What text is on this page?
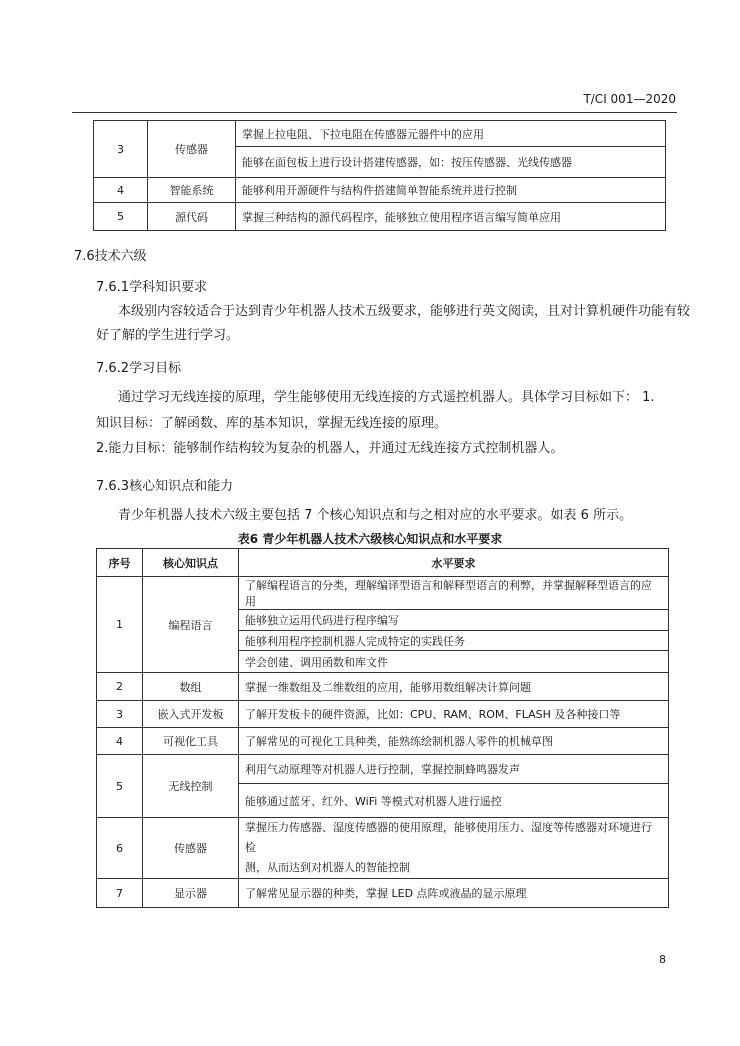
T/CI 001—2020
3	传感器	掌握上拉电阻、下拉电阻在传感器元器件中的应用
		能够在面包板上进行设计搭建传感器，如：按压传感器、光线传感器
4	智能系统	能够利用开源硬件与结构件搭建简单智能系统并进行控制
5	源代码	掌握三种结构的源代码程序，能够独立使用程序语言编写简单应用
7.6技术六级
7.6.1学科知识要求
本级别内容较适合于达到青少年机器人技术五级要求，能够进行英文阅读，且对计算机硬件功能有较
好了解的学生进行学习。
7.6.2学习目标
通过学习无线连接的原理，学生能够使用无线连接的方式遥控机器人。具体学习目标如下： 1.
知识目标：了解函数、库的基本知识，掌握无线连接的原理。
2.能力目标：能够制作结构较为复杂的机器人，并通过无线连接方式控制机器人。
7.6.3核心知识点和能力
青少年机器人技术六级主要包括 7 个核心知识点和与之相对应的水平要求。如表 6 所示。
表6 青少年机器人技术六级核心知识点和水平要求
序号	核心知识点	水平要求
1	编程语言	了解编程语言的分类，理解编译型语言和解释型语言的利弊，并掌握解释型语言的应用
		能够独立运用代码进行程序编写
		能够利用程序控制机器人完成特定的实践任务
		学会创建、调用函数和库文件
2	数组	掌握一维数组及二维数组的应用，能够用数组解决计算问题
3	嵌入式开发板	了解开发板卡的硬件资源，比如：CPU、RAM、ROM、FLASH 及各种接口等
4	可视化工具	了解常见的可视化工具种类，能熟练绘制机器人零件的机械草图
5	无线控制	利用气动原理等对机器人进行控制，掌握控制蜂鸣器发声
		能够通过蓝牙、红外、WiFi 等模式对机器人进行遥控
6	传感器	掌握压力传感器、湿度传感器的使用原理，能够使用压力、湿度等传感器对环境进行检
测，从而达到对机器人的智能控制
7	显示器	了解常见显示器的种类，掌握 LED 点阵或液晶的显示原理
8
